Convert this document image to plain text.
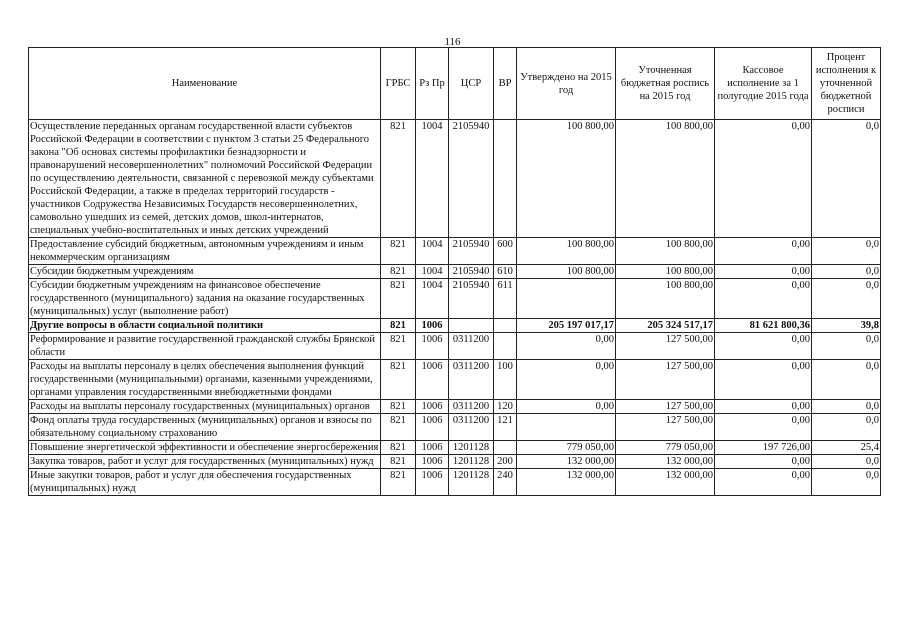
116
Наименование	ГРБС	Рз Пр	ЦСР	ВР	Утверждено на 2015 год	Уточненная бюджетная роспись на 2015 год	Кассовое исполнение за 1 полугодие 2015 года	Процент исполнения к уточненной бюджетной росписи
Осуществление переданных органам государственной власти субъектов Российской Федерации в соответствии с пунктом 3 статьи 25 Федерального закона "Об основах системы профилактики безнадзорности и правонарушений несовершеннолетних" полномочий Российской Федерации по осуществлению деятельности, связанной с перевозкой между субъектами Российской Федерации, а также в пределах территорий государств - участников Содружества Независимых Государств несовершеннолетних, самовольно ушедших из семей, детских домов, школ-интернатов, специальных учебно-воспитательных и иных детских учреждений	821	1004	2105940		100 800,00	100 800,00	0,00	0,0
Предоставление субсидий бюджетным, автономным учреждениям и иным некоммерческим организациям	821	1004	2105940	600	100 800,00	100 800,00	0,00	0,0
Субсидии бюджетным учреждениям	821	1004	2105940	610	100 800,00	100 800,00	0,00	0,0
Субсидии бюджетным учреждениям на финансовое обеспечение государственного (муниципального) задания на оказание государственных (муниципальных) услуг (выполнение работ)	821	1004	2105940	611		100 800,00	0,00	0,0
Другие вопросы в области социальной политики	821	1006			205 197 017,17	205 324 517,17	81 621 800,36	39,8
Реформирование и развитие государственной гражданской службы Брянской области	821	1006	0311200		0,00	127 500,00	0,00	0,0
Расходы на выплаты персоналу в целях обеспечения выполнения функций государственными (муниципальными) органами, казенными учреждениями, органами управления государственными внебюджетными фондами	821	1006	0311200	100	0,00	127 500,00	0,00	0,0
Расходы на выплаты персоналу государственных (муниципальных) органов	821	1006	0311200	120	0,00	127 500,00	0,00	0,0
Фонд оплаты труда государственных (муниципальных) органов и взносы по обязательному социальному страхованию	821	1006	0311200	121		127 500,00	0,00	0,0
Повышение энергетической эффективности и обеспечение энергосбережения	821	1006	1201128		779 050,00	779 050,00	197 726,00	25,4
Закупка товаров, работ и услуг для государственных (муниципальных) нужд	821	1006	1201128	200	132 000,00	132 000,00	0,00	0,0
Иные закупки товаров, работ и услуг для обеспечения государственных (муниципальных) нужд	821	1006	1201128	240	132 000,00	132 000,00	0,00	0,0
